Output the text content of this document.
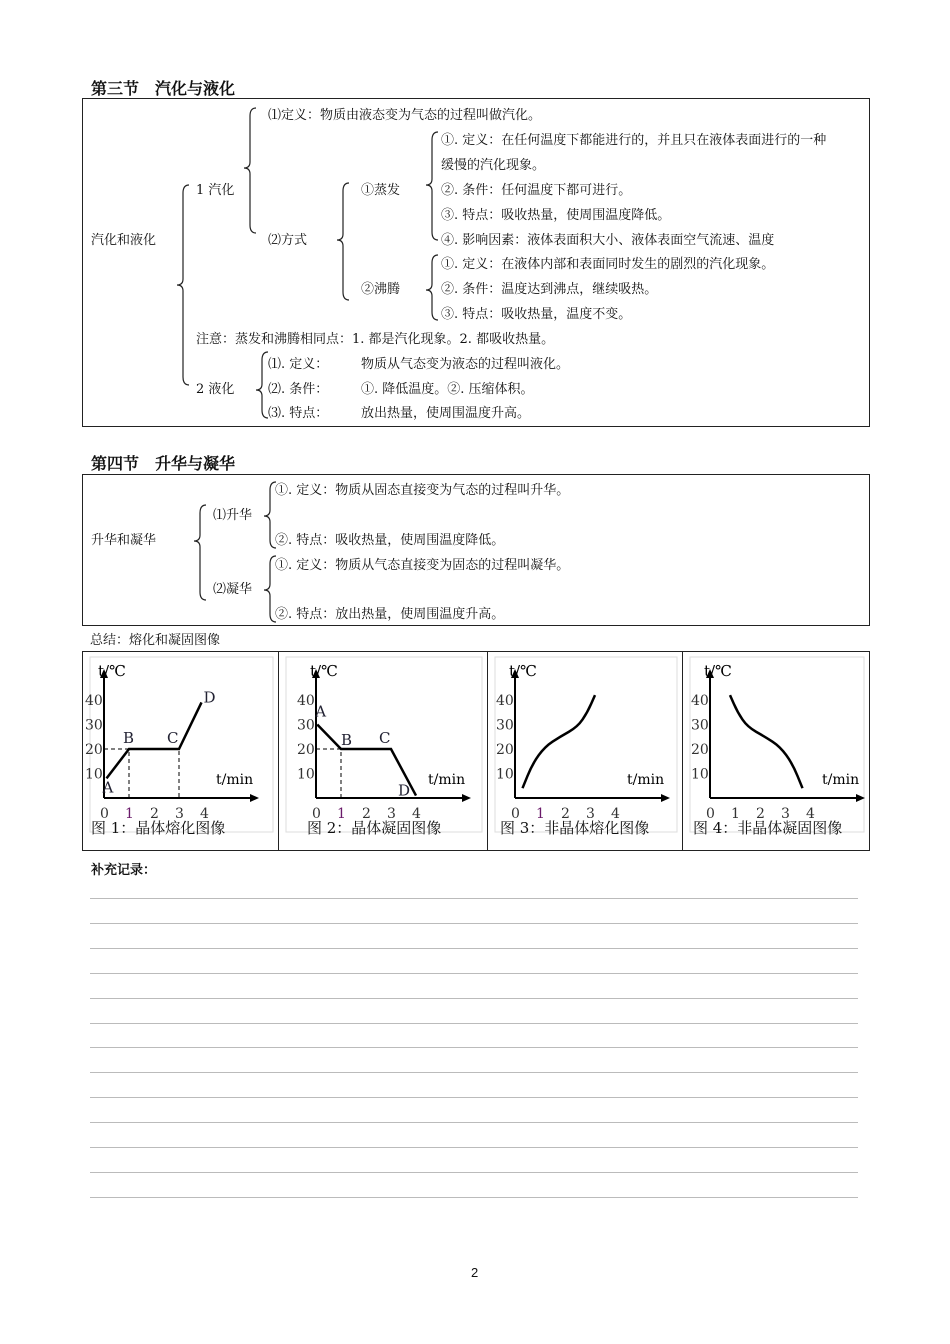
第三节　汽化与液化
汽化和液化
1 汽化
⑴定义：物质由液态变为气态的过程叫做汽化。
⑵方式
①蒸发
①. 定义：在任何温度下都能进行的，并且只在液体表面进行的一种
缓慢的汽化现象。
②. 条件：任何温度下都可进行。
③. 特点：吸收热量，使周围温度降低。
④. 影响因素：液体表面积大小、液体表面空气流速、温度
②沸腾
①. 定义：在液体内部和表面同时发生的剧烈的汽化现象。
②. 条件：温度达到沸点，继续吸热。
③. 特点：吸收热量，温度不变。
注意：蒸发和沸腾相同点：1. 都是汽化现象。2. 都吸收热量。
2 液化
⑴. 定义：	物质从气态变为液态的过程叫液化。
⑵. 条件：	①. 降低温度。②. 压缩体积。
⑶. 特点：	放出热量，使周围温度升高。
第四节　升华与凝华
升华和凝华
⑴升华
①. 定义：物质从固态直接变为气态的过程叫升华。
②. 特点：吸收热量，使周围温度降低。
⑵凝华
①. 定义：物质从气态直接变为固态的过程叫凝华。
②. 特点：放出热量，使周围温度升高。
总结：熔化和凝固图像
t/℃
t/min
0 1 2 3 4
10
20
30
40
A
B C
D
图 1：晶体熔化图像
t/℃
t/min
0 1 2 3 4
10
20
30
40
A
B C
D
图 2：晶体凝固图像
t/℃
t/min
0 1 2 3 4
10
20
30
40
图 3：非晶体熔化图像
t/℃
t/min
0 1 2 3 4
10
20
30
40
图 4：非晶体凝固图像
补充记录：
2
